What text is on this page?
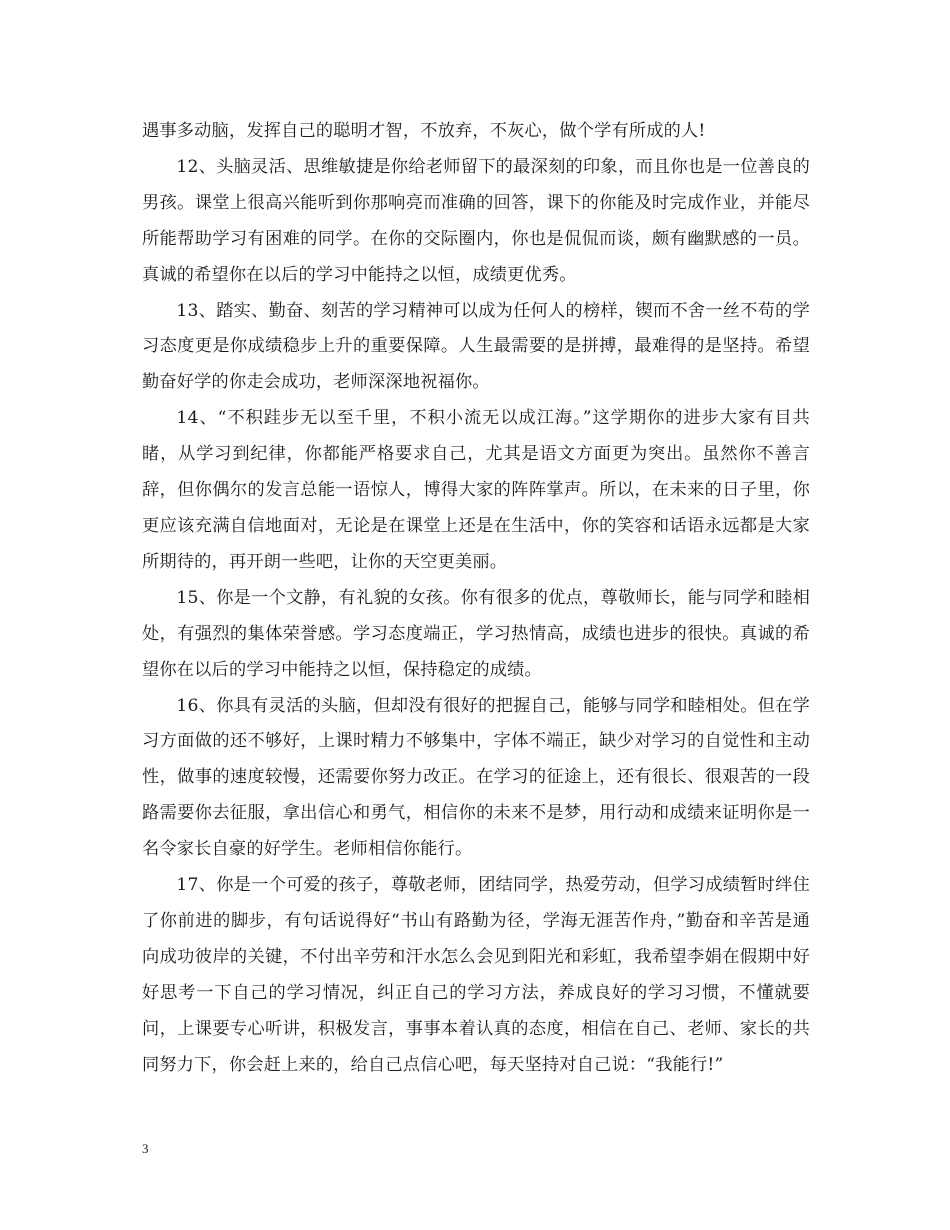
遇事多动脑，发挥自己的聪明才智，不放弃，不灰心，做个学有所成的人!

12、头脑灵活、思维敏捷是你给老师留下的最深刻的印象，而且你也是一位善良的男孩。课堂上很高兴能听到你那响亮而准确的回答，课下的你能及时完成作业，并能尽所能帮助学习有困难的同学。在你的交际圈内，你也是侃侃而谈，颇有幽默感的一员。真诚的希望你在以后的学习中能持之以恒，成绩更优秀。

13、踏实、勤奋、刻苦的学习精神可以成为任何人的榜样，锲而不舍一丝不苟的学习态度更是你成绩稳步上升的重要保障。人生最需要的是拼搏，最难得的是坚持。希望勤奋好学的你走会成功，老师深深地祝福你。

14、“不积跬步无以至千里，不积小流无以成江海。”这学期你的进步大家有目共睹，从学习到纪律，你都能严格要求自己，尤其是语文方面更为突出。虽然你不善言辞，但你偶尔的发言总能一语惊人，博得大家的阵阵掌声。所以，在未来的日子里，你更应该充满自信地面对，无论是在课堂上还是在生活中，你的笑容和话语永远都是大家所期待的，再开朗一些吧，让你的天空更美丽。

15、你是一个文静，有礼貌的女孩。你有很多的优点，尊敬师长，能与同学和睦相处，有强烈的集体荣誉感。学习态度端正，学习热情高，成绩也进步的很快。真诚的希望你在以后的学习中能持之以恒，保持稳定的成绩。

16、你具有灵活的头脑，但却没有很好的把握自己，能够与同学和睦相处。但在学习方面做的还不够好，上课时精力不够集中，字体不端正，缺少对学习的自觉性和主动性，做事的速度较慢，还需要你努力改正。在学习的征途上，还有很长、很艰苦的一段路需要你去征服，拿出信心和勇气，相信你的未来不是梦，用行动和成绩来证明你是一名令家长自豪的好学生。老师相信你能行。

17、你是一个可爱的孩子，尊敬老师，团结同学，热爱劳动，但学习成绩暂时绊住了你前进的脚步，有句话说得好“书山有路勤为径，学海无涯苦作舟，”勤奋和辛苦是通向成功彼岸的关键，不付出辛劳和汗水怎么会见到阳光和彩虹，我希望李娟在假期中好好思考一下自己的学习情况，纠正自己的学习方法，养成良好的学习习惯，不懂就要问，上课要专心听讲，积极发言，事事本着认真的态度，相信在自己、老师、家长的共同努力下，你会赶上来的，给自己点信心吧，每天坚持对自己说：“我能行!”

3
